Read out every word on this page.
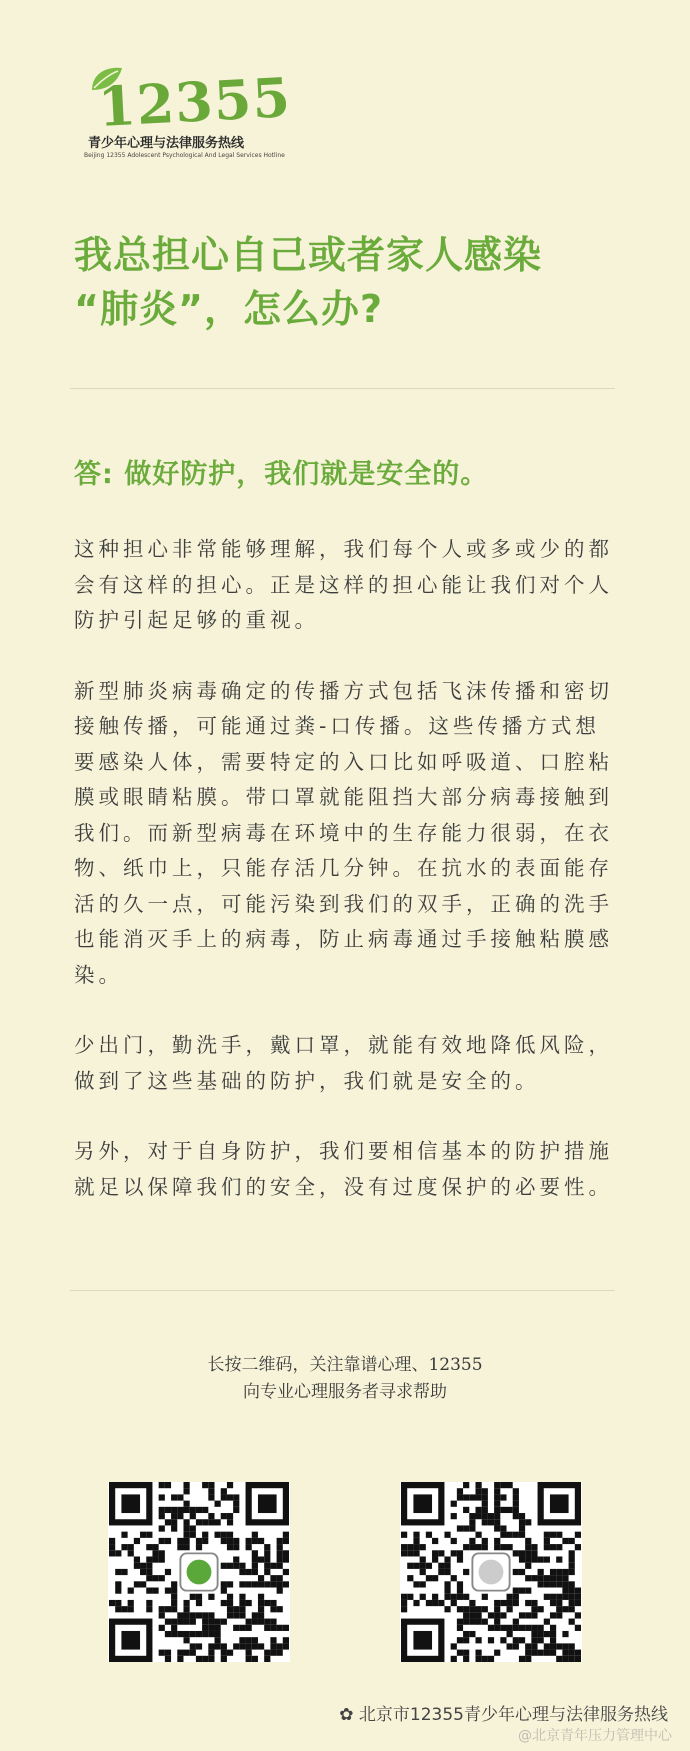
12355
青少年心理与法律服务热线
Beijing 12355 Adolescent Psychological And Legal Services Hotline
我总担心自己或者家人感染
“肺炎”，怎么办?
答: 做好防护，我们就是安全的。

这种担心非常能够理解，我们每个人或多或少的都会有这样的担心。正是这样的担心能让我们对个人防护引起足够的重视。

新型肺炎病毒确定的传播方式包括飞沫传播和密切接触传播，可能通过粪-口传播。这些传播方式想要感染人体，需要特定的入口比如呼吸道、口腔粘膜或眼睛粘膜。带口罩就能阻挡大部分病毒接触到我们。而新型病毒在环境中的生存能力很弱，在衣物、纸巾上，只能存活几分钟。在抗水的表面能存活的久一点，可能污染到我们的双手，正确的洗手也能消灭手上的病毒，防止病毒通过手接触粘膜感染。

少出门，勤洗手，戴口罩，就能有效地降低风险，做到了这些基础的防护，我们就是安全的。

另外，对于自身防护，我们要相信基本的防护措施就足以保障我们的安全，没有过度保护的必要性。

长按二维码，关注靠谱心理、12355
向专业心理服务者寻求帮助
✿ 北京市12355青少年心理与法律服务热线
@北京青年压力管理中心
